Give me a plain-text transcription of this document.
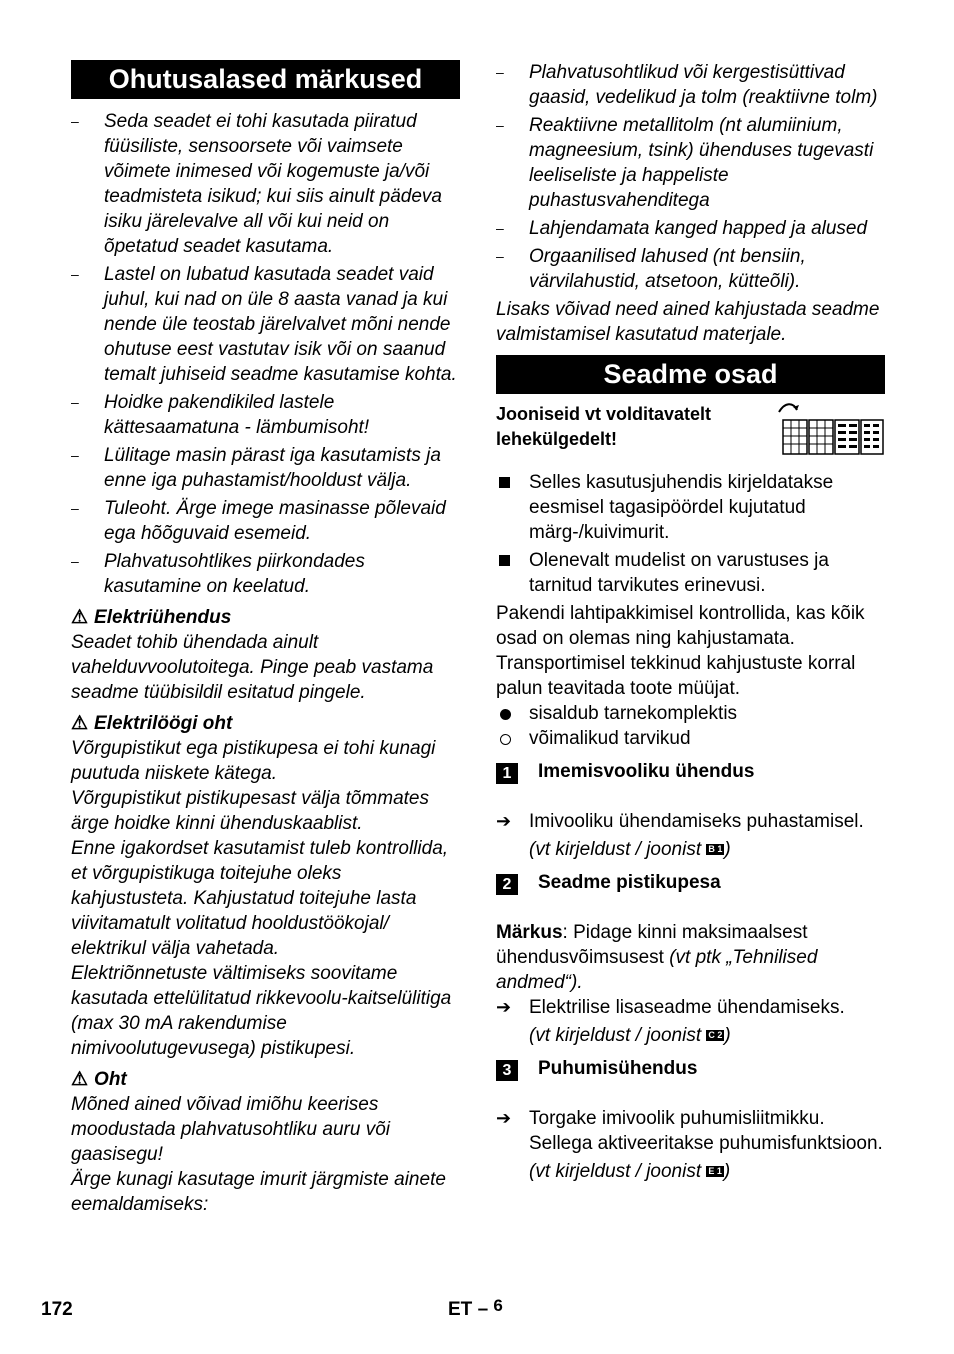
Ohutusalased märkused
– Seda seadet ei tohi kasutada piiratud füüsiliste, sensoorsete või vaimsete võimete inimesed või kogemuste ja/või teadmisteta isikud; kui siis ainult pädeva isiku järelevalve all või kui neid on õpetatud seadet kasutama.
– Lastel on lubatud kasutada seadet vaid juhul, kui nad on üle 8 aasta vanad ja kui nende üle teostab järelvalvet mõni nende ohutuse eest vastutav isik või on saanud temalt juhiseid seadme kasutamise kohta.
– Hoidke pakendikiled lastele kättesaamatuna - lämbumisoht!
– Lülitage masin pärast iga kasutamists ja enne iga puhastamist/hooldust välja.
– Tuleoht. Ärge imege masinasse põlevaid ega hõõguvaid esemeid.
– Plahvatusohtlikes piirkondades kasutamine on keelatud.
⚠ Elektriühendus
Seadet tohib ühendada ainult vahelduvvoolutoitega. Pinge peab vastama seadme tüübisildil esitatud pingele.
⚠ Elektrilöögi oht
Võrgupistikut ega pistikupesa ei tohi kunagi puutuda niiskete kätega.
Võrgupistikut pistikupesast välja tõmmates ärge hoidke kinni ühenduskaablist.
Enne igakordset kasutamist tuleb kontrollida, et võrgupistikuga toitejuhe oleks kahjustusteta. Kahjustatud toitejuhe lasta viivitamatult volitatud hooldustöökojal/ elektrikul välja vahetada.
Elektriõnnetuste vältimiseks soovitame kasutada ettelülitatud rikkevoolu-kaitselülitiga (max 30 mA rakendumise nimivoolutugevusega) pistikupesi.
⚠ Oht
Mõned ained võivad imiõhu keerises moodustada plahvatusohtliku auru või gaasisegu!
Ärge kunagi kasutage imurit järgmiste ainete eemaldamiseks:
– Plahvatusohtlikud või kergestisüttivad gaasid, vedelikud ja tolm (reaktiivne tolm)
– Reaktiivne metallitolm (nt alumiinium, magneesium, tsink) ühenduses tugevasti leeliseliste ja happeliste puhastusvahenditega
– Lahjendamata kanged happed ja alused
– Orgaanilised lahused (nt bensiin, värvilahustid, atsetoon, kütteõli).
Lisaks võivad need ained kahjustada seadme valmistamisel kasutatud materjale.
Seadme osad
Jooniseid vt volditavatelt lehekülgedelt!
Selles kasutusjuhendis kirjeldatakse eesmisel tagasipöördel kujutatud märg-/kuivimurit.
Olenevalt mudelist on varustuses ja tarnitud tarvikutes erinevusi.
Pakendi lahtipakkimisel kontrollida, kas kõik osad on olemas ning kahjustamata. Transportimisel tekkinud kahjustuste korral palun teavitada toote müüjat.
sisaldub tarnekomplektis
võimalikud tarvikud
1	Imemisvooliku ühendus
➔ Imivooliku ühendamiseks puhastamisel.
(vt kirjeldust / joonist B 1 )
2	Seadme pistikupesa
Märkus: Pidage kinni maksimaalsest ühendusvõimsusest (vt ptk „Tehnilised andmed“).
➔ Elektrilise lisaseadme ühendamiseks.
(vt kirjeldust / joonist C 2 )
3	Puhumisühendus
➔ Torgake imivoolik puhumisliitmikku. Sellega aktiveeritakse puhumisfunktsioon.
(vt kirjeldust / joonist E 1 )
172	ET – 6
